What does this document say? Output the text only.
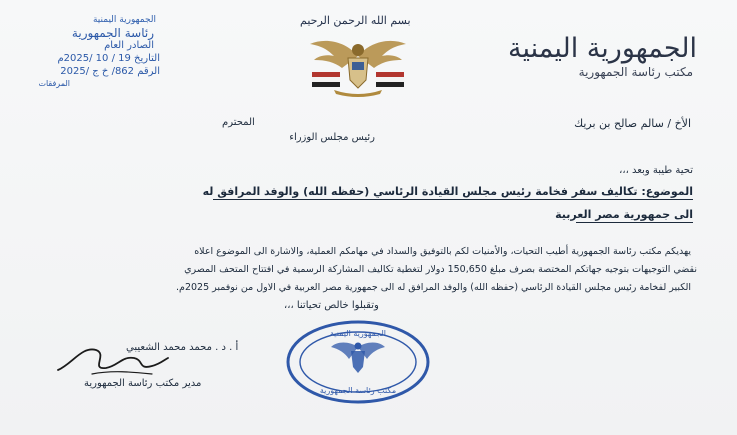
الجمهورية اليمنية
مكتب رئاسة الجمهورية
بسم الله الرحمن الرحيم
الجمهورية اليمنية
رئاسة الجمهورية
الصادر العام
التاريخ 19 / 10 /2025م
الرقم 862/ خ ج /2025
المرفقات
الأخ / سالم صالح بن بريك
المحترم
رئيس مجلس الوزراء
تحية طيبة وبعد ،،،
الموضوع: تكاليف سفر فخامة رئيس مجلس القيادة الرئاسي (حفظه الله) والوفد المرافق له
الى جمهورية مصر العربية
يهديكم مكتب رئاسة الجمهورية أطيب التحيات، والأمنيات لكم بالتوفيق والسداد في مهامكم العملية، والاشارة الى الموضوع اعلاه
نقضي التوجيهات بتوجيه جهاتكم المختصة بصرف مبلغ 150,650 دولار لتغطية تكاليف المشاركة الرسمية في افتتاح المتحف المصري
الكبير لفخامة رئيس مجلس القيادة الرئاسي (حفظه الله) والوفد المرافق له الى جمهورية مصر العربية في الاول من نوفمبر 2025م.
وتقبلوا خالص تحياتنا ،،،
أ . د . محمد محمد الشعيبي
مدير مكتب رئاسة الجمهورية
الجمهورية اليمنية
مكتب رئاسة الجمهورية
